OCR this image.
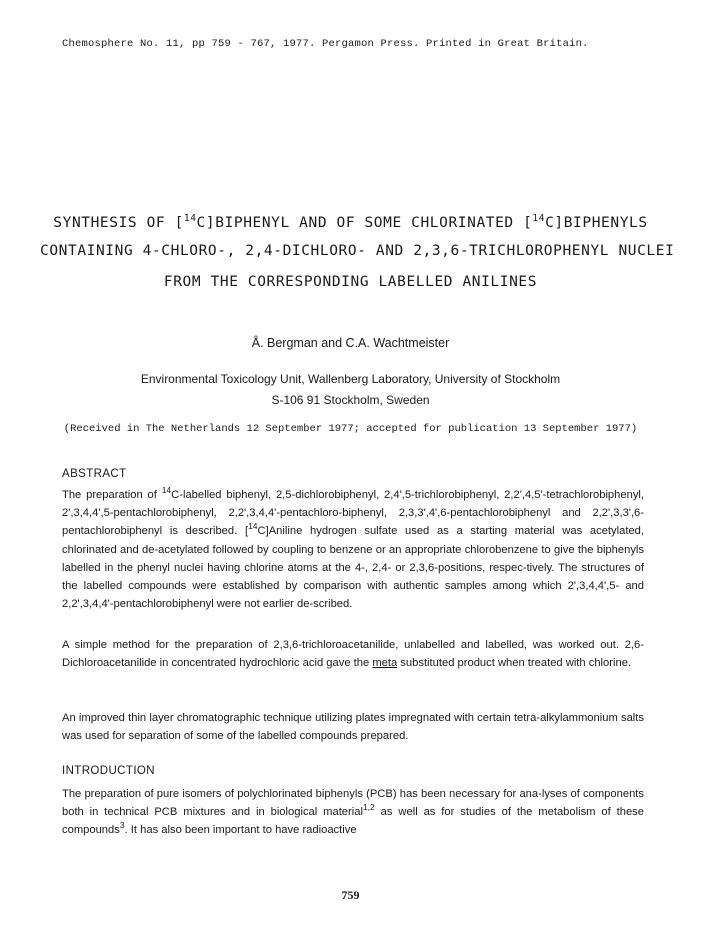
Chemosphere No. 11, pp 759 - 767, 1977. Pergamon Press. Printed in Great Britain.
SYNTHESIS OF [$^{14}$C]BIPHENYL AND OF SOME CHLORINATED [$^{14}$C]BIPHENYLS
CONTAINING 4-CHLORO-, 2,4-DICHLORO- AND 2,3,6-TRICHLOROPHENYL NUCLEI
FROM THE CORRESPONDING LABELLED ANILINES
Å. Bergman and C.A. Wachtmeister
Environmental Toxicology Unit, Wallenberg Laboratory, University of Stockholm
S-106 91 Stockholm, Sweden
(Received in The Netherlands 12 September 1977; accepted for publication 13 September 1977)
ABSTRACT

The preparation of $^{14}$C-labelled biphenyl, 2,5-dichlorobiphenyl, 2,4',5-trichlorobiphenyl, 2,2',4,5'-tetrachlorobiphenyl, 2',3,4,4',5-pentachlorobiphenyl, 2,2',3,4,4'-pentachloro-biphenyl, 2,3,3',4',6-pentachlorobiphenyl and 2,2',3,3',6-pentachlorobiphenyl is described. [$^{14}$C]Aniline hydrogen sulfate used as a starting material was acetylated, chlorinated and de-acetylated followed by coupling to benzene or an appropriate chlorobenzene to give the biphenyls labelled in the phenyl nuclei having chlorine atoms at the 4-, 2,4- or 2,3,6-positions, respec-tively. The structures of the labelled compounds were established by comparison with authentic samples among which 2',3,4,4',5- and 2,2',3,4,4'-pentachlorobiphenyl were not earlier de-scribed.

A simple method for the preparation of 2,3,6-trichloroacetanilide, unlabelled and labelled, was worked out. 2,6-Dichloroacetanilide in concentrated hydrochloric acid gave the meta substituted product when treated with chlorine.

An improved thin layer chromatographic technique utilizing plates impregnated with certain tetra-alkylammonium salts was used for separation of some of the labelled compounds prepared.

INTRODUCTION

The preparation of pure isomers of polychlorinated biphenyls (PCB) has been necessary for ana-lyses of components both in technical PCB mixtures and in biological material$^{1,2}$ as well as for studies of the metabolism of these compounds$^3$. It has also been important to have radioactive

759
